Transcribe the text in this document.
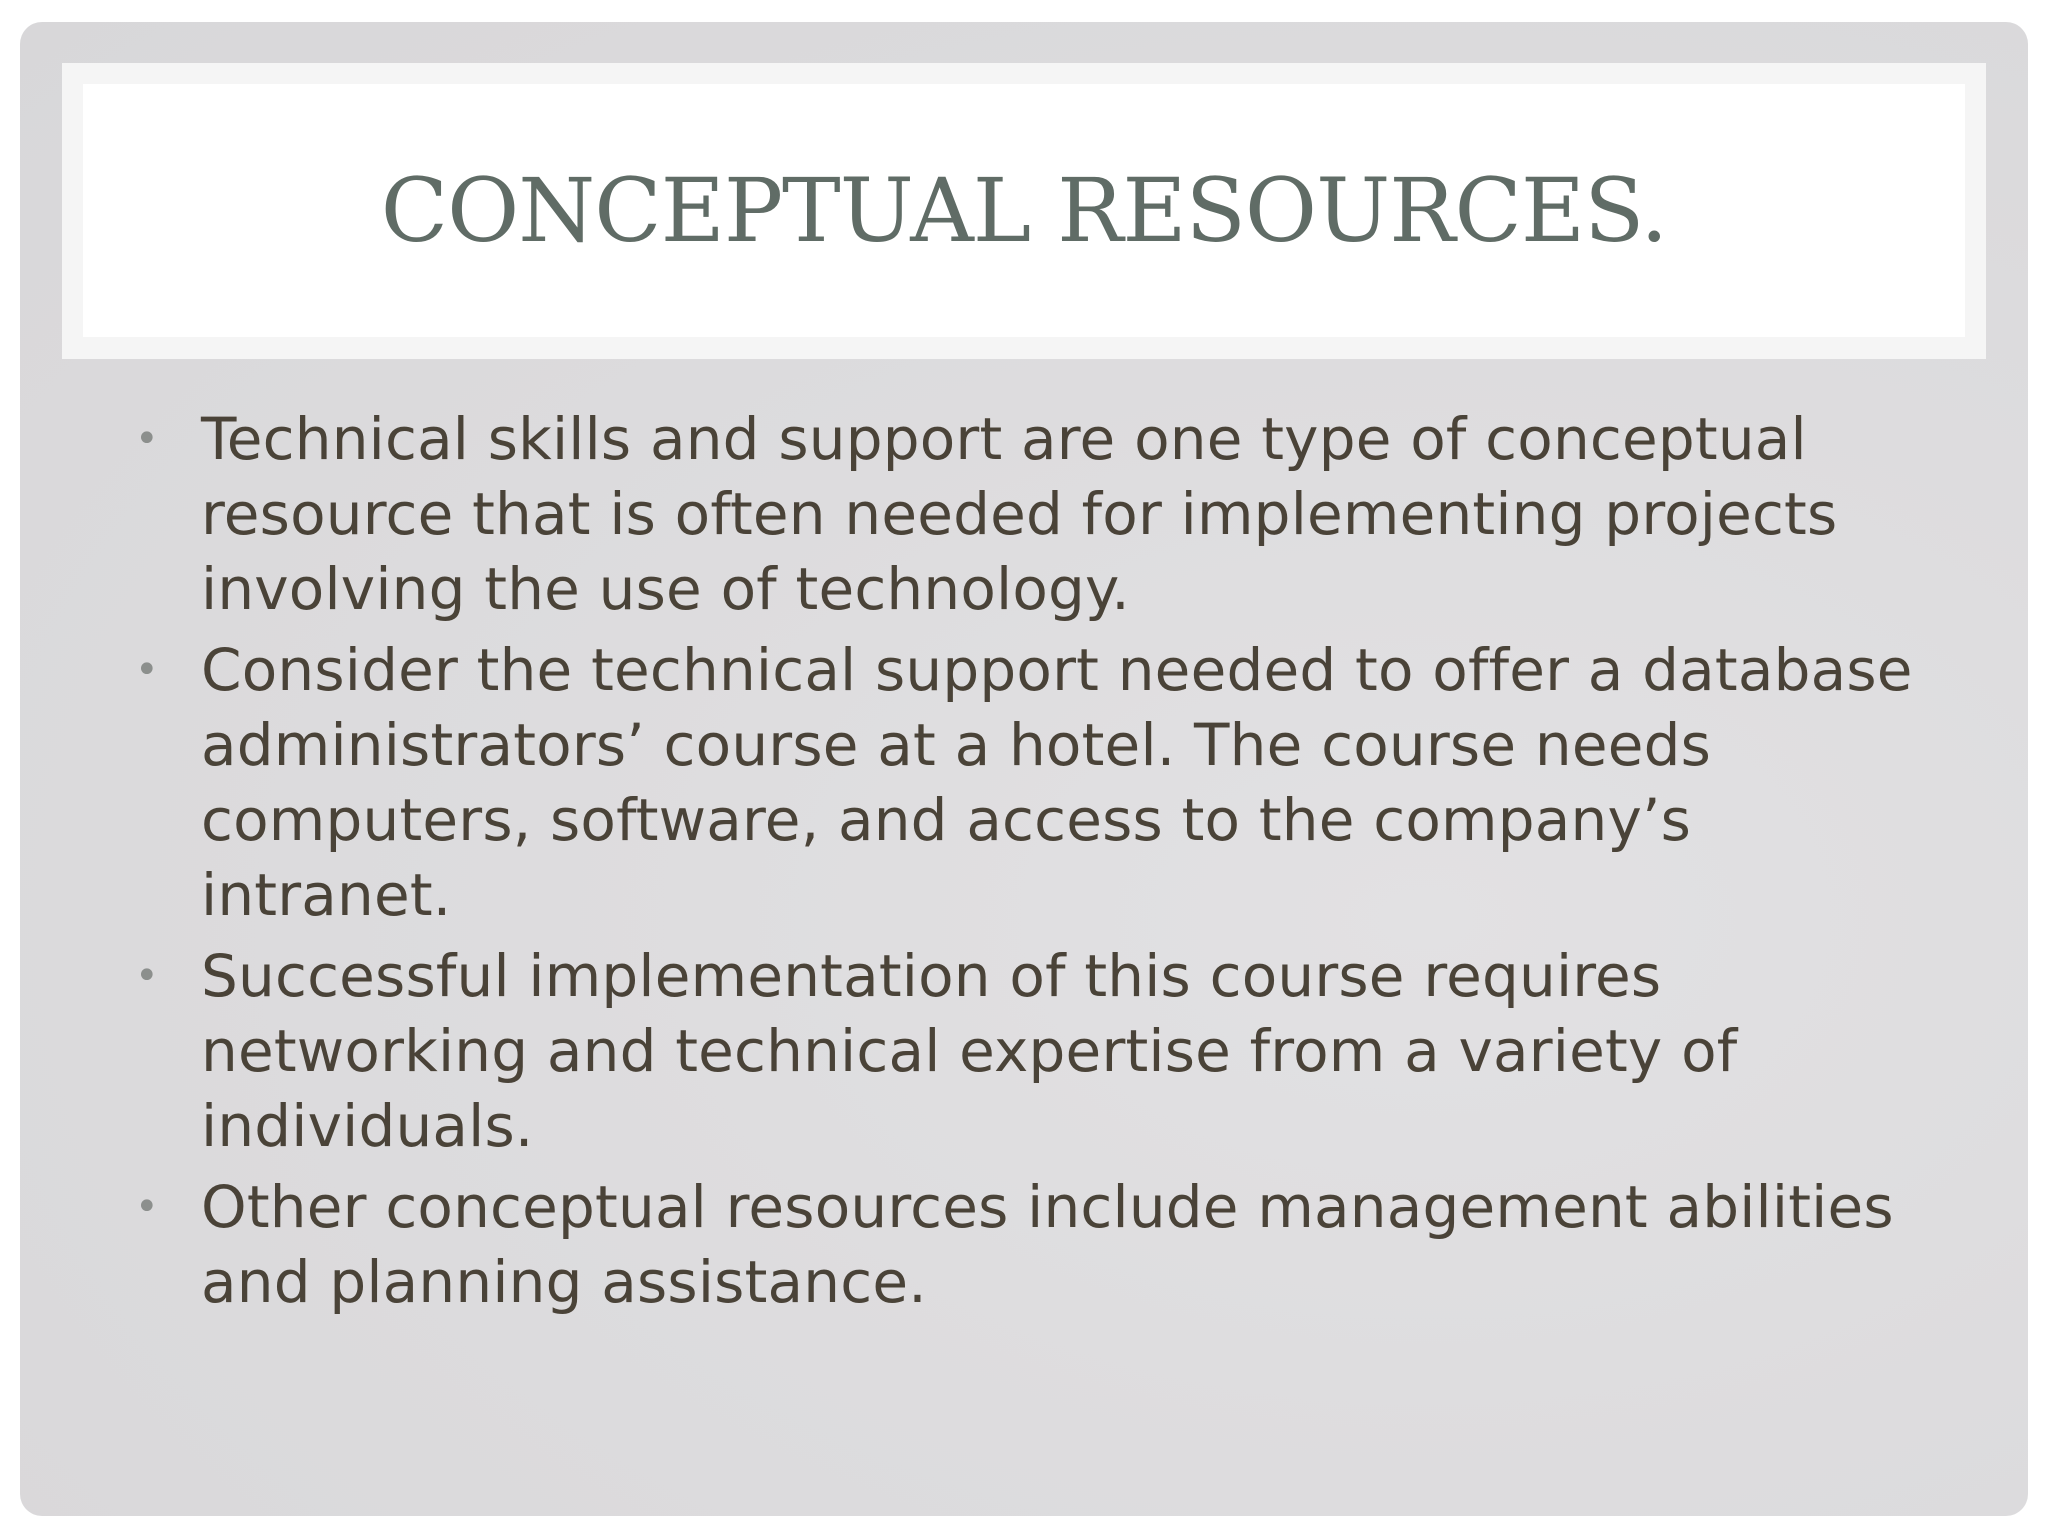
CONCEPTUAL RESOURCES.
• Technical skills and support are one type of conceptual resource that is often needed for implementing projects involving the use of technology.
• Consider the technical support needed to offer a database administrators’ course at a hotel. The course needs computers, software, and access to the company’s intranet.
• Successful implementation of this course requires networking and technical expertise from a variety of individuals.
• Other conceptual resources include management abilities and planning assistance.
